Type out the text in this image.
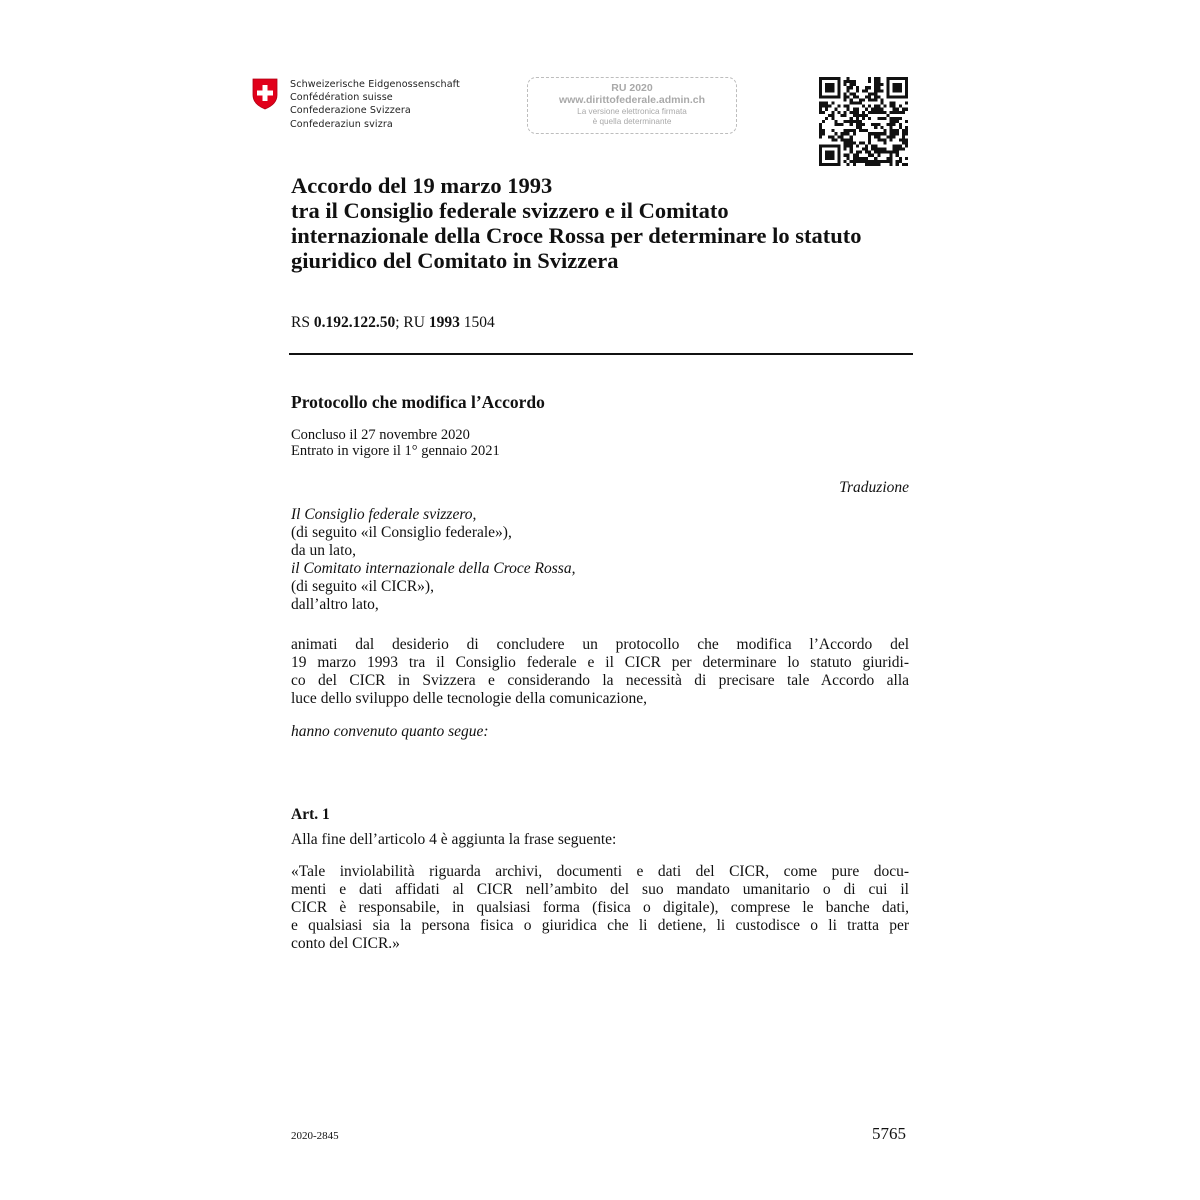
Schweizerische Eidgenossenschaft
Confédération suisse
Confederazione Svizzera
Confederaziun svizra
RU 2020
www.dirittofederale.admin.ch
La versione elettronica firmata
è quella determinante
Accordo del 19 marzo 1993
tra il Consiglio federale svizzero e il Comitato
internazionale della Croce Rossa per determinare lo statuto
giuridico del Comitato in Svizzera
RS 0.192.122.50; RU 1993 1504
Protocollo che modifica l’Accordo
Concluso il 27 novembre 2020
Entrato in vigore il 1° gennaio 2021
Traduzione
Il Consiglio federale svizzero,
(di seguito «il Consiglio federale»),
da un lato,
il Comitato internazionale della Croce Rossa,
(di seguito «il CICR»),
dall’altro lato,

animati dal desiderio di concludere un protocollo che modifica l’Accordo del
19 marzo 1993 tra il Consiglio federale e il CICR per determinare lo statuto giuridi-
co del CICR in Svizzera e considerando la necessità di precisare tale Accordo alla
luce dello sviluppo delle tecnologie della comunicazione,

hanno convenuto quanto segue:
Art. 1
Alla fine dell’articolo 4 è aggiunta la frase seguente:

«Tale inviolabilità riguarda archivi, documenti e dati del CICR, come pure docu-
menti e dati affidati al CICR nell’ambito del suo mandato umanitario o di cui il
CICR è responsabile, in qualsiasi forma (fisica o digitale), comprese le banche dati,
e qualsiasi sia la persona fisica o giuridica che li detiene, li custodisce o li tratta per
conto del CICR.»

2020-2845	5765
